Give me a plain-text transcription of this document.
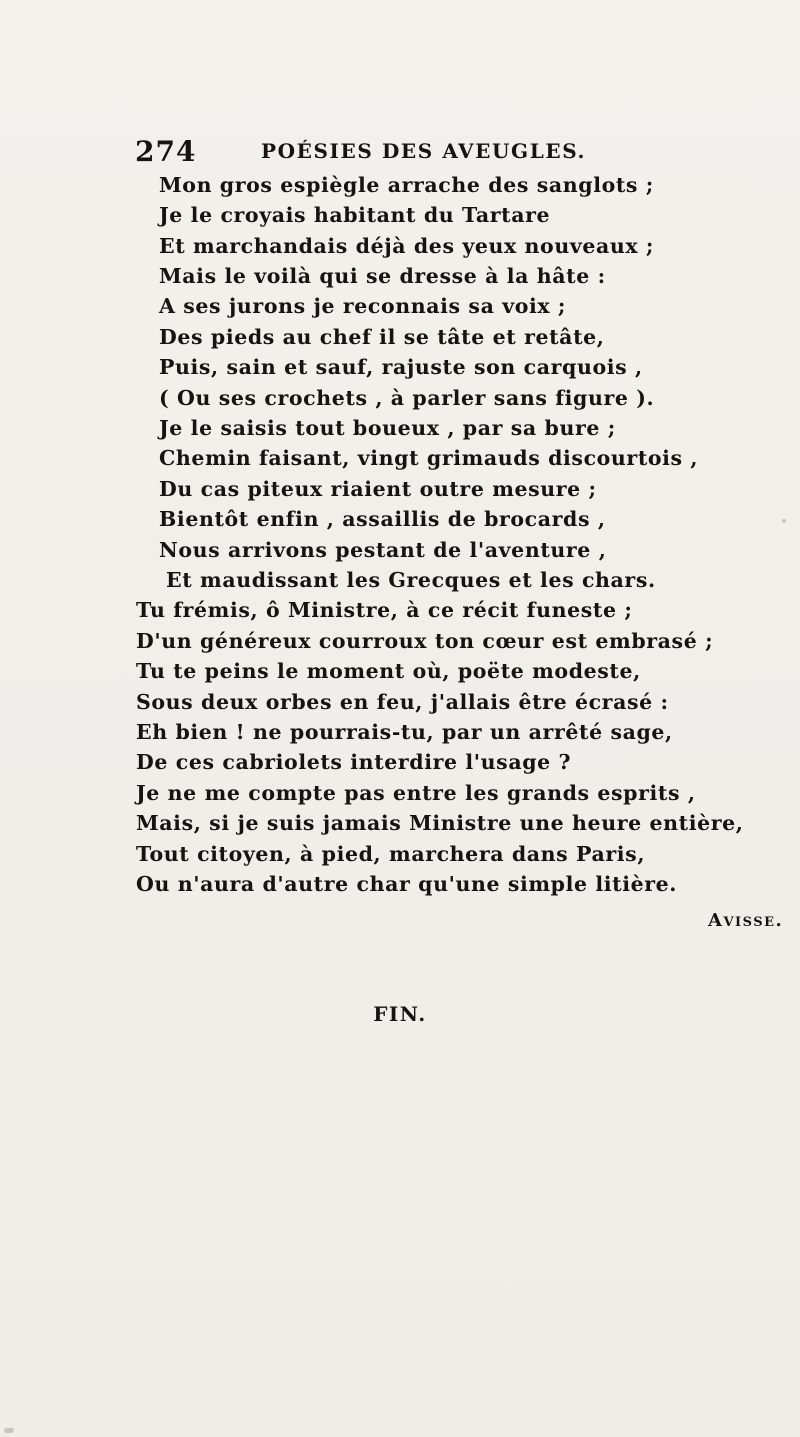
274	POÉSIES DES AVEUGLES.
Mon gros espiègle arrache des sanglots ;
Je le croyais habitant du Tartare
Et marchandais déjà des yeux nouveaux ;
Mais le voilà qui se dresse à la hâte :
A ses jurons je reconnais sa voix ;
Des pieds au chef il se tâte et retâte,
Puis, sain et sauf, rajuste son carquois ,
( Ou ses crochets , à parler sans figure ).
Je le saisis tout boueux , par sa bure ;
Chemin faisant, vingt grimauds discourtois ,
Du cas piteux riaient outre mesure ;
Bientôt enfin , assaillis de brocards ,
Nous arrivons pestant de l'aventure ,
Et maudissant les Grecques et les chars.
Tu frémis, ô Ministre, à ce récit funeste ;
D'un généreux courroux ton cœur est embrasé ;
Tu te peins le moment où, poëte modeste,
Sous deux orbes en feu, j'allais être écrasé :
Eh bien ! ne pourrais-tu, par un arrêté sage,
De ces cabriolets interdire l'usage ?
Je ne me compte pas entre les grands esprits ,
Mais, si je suis jamais Ministre une heure entière,
Tout citoyen, à pied, marchera dans Paris,
Ou n'aura d'autre char qu'une simple litière.
Avisse.
FIN.
